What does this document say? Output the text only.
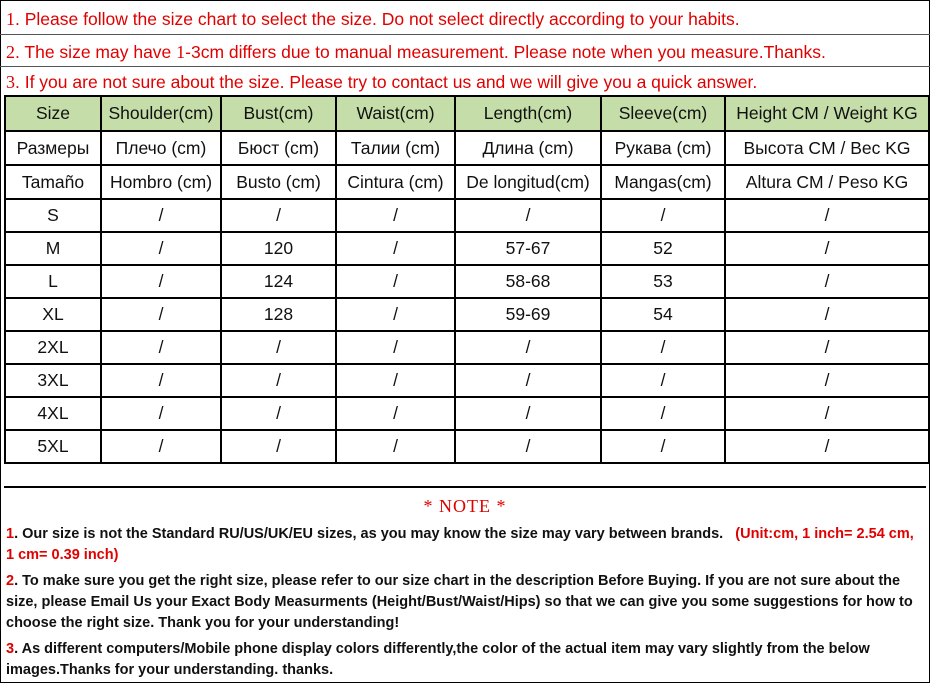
1. Please follow the size chart to select the size. Do not select directly according to your habits.
2. The size may have 1-3cm differs due to manual measurement. Please note when you measure.Thanks.
3. If you are not sure about the size. Please try to contact us and we will give you a quick answer.
Size	Shoulder(cm)	Bust(cm)	Waist(cm)	Length(cm)	Sleeve(cm)	Height CM / Weight KG
Размеры	Плечо (cm)	Бюст (cm)	Талии (cm)	Длина (cm)	Рукава (cm)	Высота CM / Вес KG
Tamaño	Hombro (cm)	Busto (cm)	Cintura (cm)	De longitud(cm)	Mangas(cm)	Altura CM / Peso KG
S	/	/	/	/	/	/
M	/	120	/	57-67	52	/
L	/	124	/	58-68	53	/
XL	/	128	/	59-69	54	/
2XL	/	/	/	/	/	/
3XL	/	/	/	/	/	/
4XL	/	/	/	/	/	/
5XL	/	/	/	/	/	/
* NOTE *
1. Our size is not the Standard RU/US/UK/EU sizes, as you may know the size may vary between brands. (Unit:cm, 1 inch= 2.54 cm, 1 cm= 0.39 inch)
2. To make sure you get the right size, please refer to our size chart in the description Before Buying. If you are not sure about the size, please Email Us your Exact Body Measurments (Height/Bust/Waist/Hips) so that we can give you some suggestions for how to choose the right size. Thank you for your understanding!
3. As different computers/Mobile phone display colors differently,the color of the actual item may vary slightly from the below images.Thanks for your understanding. thanks.
